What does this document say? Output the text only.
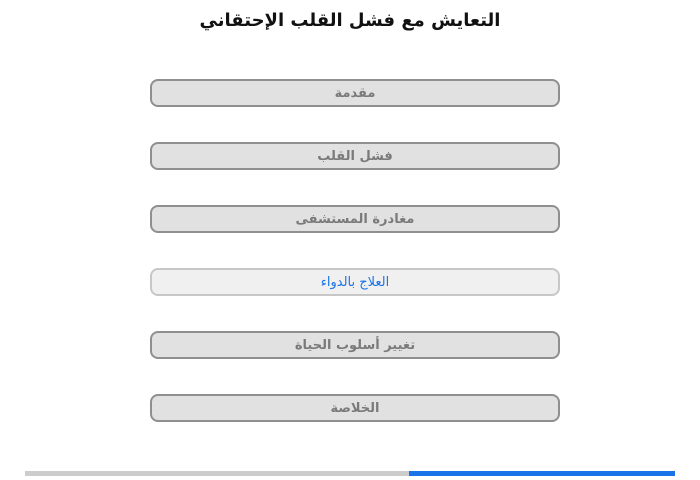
التعايش مع فشل القلب الإحتقاني
مقدمة
فشل القلب
مغادرة المستشفى
العلاج بالدواء
تغيير أسلوب الحياة
الخلاصة
